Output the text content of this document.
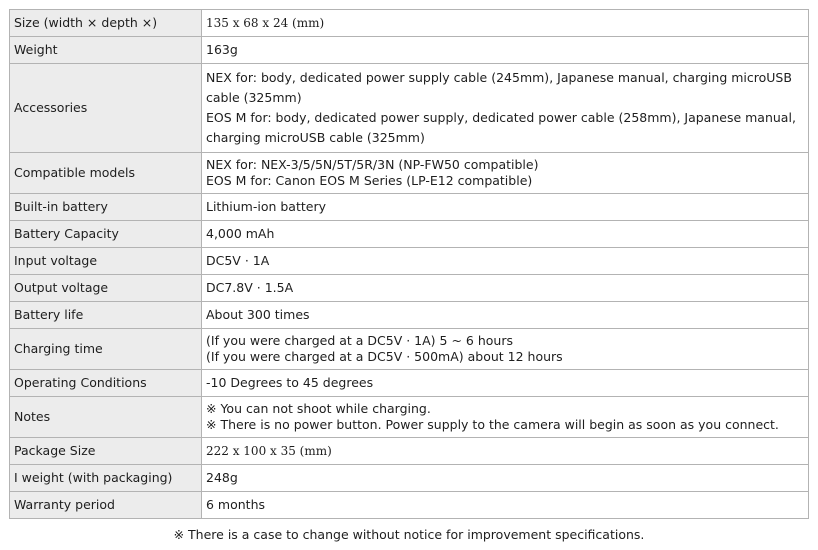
Size (width × depth ×)	135 x 68 x 24 (mm)

Weight	163g

Accessories	NEX for: body, dedicated power supply cable (245mm), Japanese manual, charging microUSB cable (325mm)
EOS M for: body, dedicated power supply, dedicated power cable (258mm), Japanese manual, charging microUSB cable (325mm)

Compatible models	NEX for: NEX-3/5/5N/5T/5R/3N (NP-FW50 compatible)
EOS M for: Canon EOS M Series (LP-E12 compatible)

Built-in battery	Lithium-ion battery

Battery Capacity	4,000 mAh

Input voltage	DC5V · 1A

Output voltage	DC7.8V · 1.5A

Battery life	About 300 times

Charging time	(If you were charged at a DC5V · 1A) 5 ~ 6 hours
(If you were charged at a DC5V · 500mA) about 12 hours

Operating Conditions	-10 Degrees to 45 degrees

Notes	※ You can not shoot while charging.
※ There is no power button. Power supply to the camera will begin as soon as you connect.

Package Size	222 x 100 x 35 (mm)

I weight (with packaging)	248g

Warranty period	6 months
※ There is a case to change without notice for improvement specifications.
